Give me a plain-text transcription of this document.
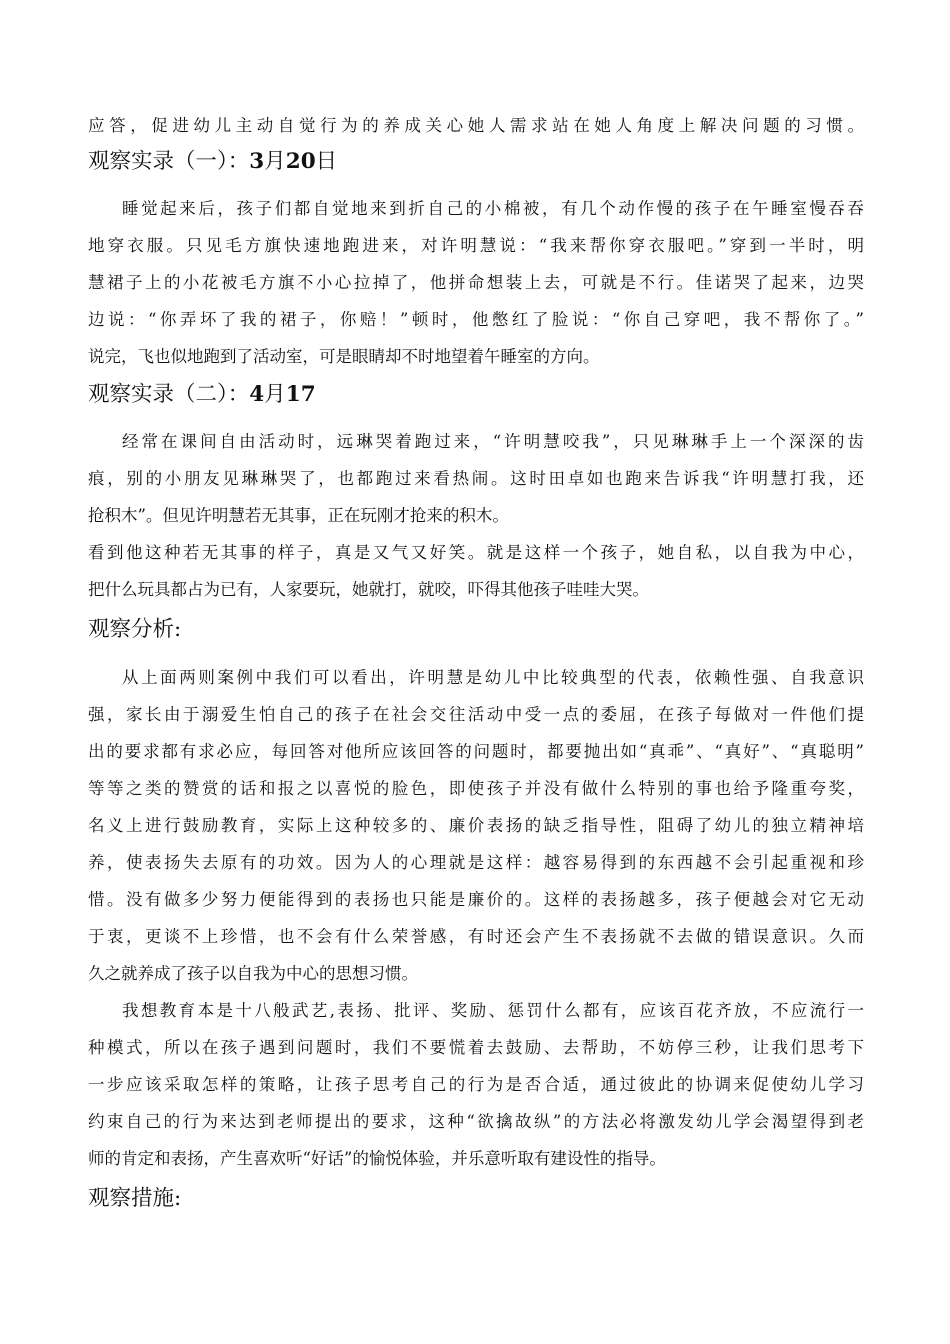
应答，促进幼儿主动自觉行为的养成关心她人需求站在她人角度上解决问题的习惯。
观察实录（一）：3月20日
睡觉起来后，孩子们都自觉地来到折自己的小棉被，有几个动作慢的孩子在午睡室慢吞吞
地穿衣服。只见毛方旗快速地跑进来，对许明慧说：“我来帮你穿衣服吧。”穿到一半时，明
慧裙子上的小花被毛方旗不小心拉掉了，他拼命想装上去，可就是不行。佳诺哭了起来，边哭
边说：“你弄坏了我的裙子，你赔！”顿时，他憋红了脸说：“你自己穿吧，我不帮你了。”
说完，飞也似地跑到了活动室，可是眼睛却不时地望着午睡室的方向。
观察实录（二）：4月17
经常在课间自由活动时，远琳哭着跑过来，“许明慧咬我”，只见琳琳手上一个深深的齿
痕，别的小朋友见琳琳哭了，也都跑过来看热闹。这时田卓如也跑来告诉我“许明慧打我，还
抢积木”。但见许明慧若无其事，正在玩刚才抢来的积木。
看到他这种若无其事的样子，真是又气又好笑。就是这样一个孩子，她自私，以自我为中心，
把什么玩具都占为已有，人家要玩，她就打，就咬，吓得其他孩子哇哇大哭。
观察分析:
从上面两则案例中我们可以看出，许明慧是幼儿中比较典型的代表，依赖性强、自我意识
强，家长由于溺爱生怕自己的孩子在社会交往活动中受一点的委屈，在孩子每做对一件他们提
出的要求都有求必应，每回答对他所应该回答的问题时，都要抛出如“真乖”、“真好”、“真聪明”
等等之类的赞赏的话和报之以喜悦的脸色，即使孩子并没有做什么特别的事也给予隆重夸奖，
名义上进行鼓励教育，实际上这种较多的、廉价表扬的缺乏指导性，阻碍了幼儿的独立精神培
养，使表扬失去原有的功效。因为人的心理就是这样：越容易得到的东西越不会引起重视和珍
惜。没有做多少努力便能得到的表扬也只能是廉价的。这样的表扬越多，孩子便越会对它无动
于衷，更谈不上珍惜，也不会有什么荣誉感，有时还会产生不表扬就不去做的错误意识。久而
久之就养成了孩子以自我为中心的思想习惯。
我想教育本是十八般武艺,表扬、批评、奖励、惩罚什么都有，应该百花齐放，不应流行一
种模式，所以在孩子遇到问题时，我们不要慌着去鼓励、去帮助，不妨停三秒，让我们思考下
一步应该采取怎样的策略，让孩子思考自己的行为是否合适，通过彼此的协调来促使幼儿学习
约束自己的行为来达到老师提出的要求，这种“欲擒故纵”的方法必将激发幼儿学会渴望得到老
师的肯定和表扬，产生喜欢听“好话”的愉悦体验，并乐意听取有建设性的指导。
观察措施:
